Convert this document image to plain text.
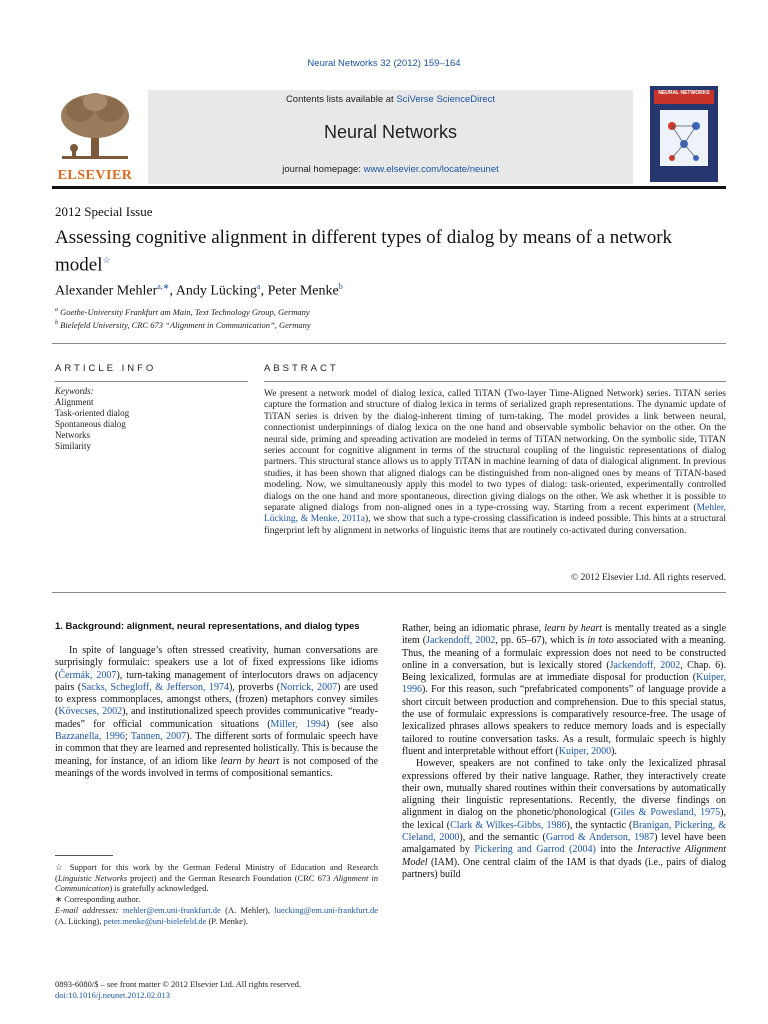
Neural Networks 32 (2012) 159–164
ELSEVIER
Contents lists available at SciVerse ScienceDirect
Neural Networks
journal homepage: www.elsevier.com/locate/neunet
NEURAL NETWORKS
2012 Special Issue
Assessing cognitive alignment in different types of dialog by means of a network model☆
Alexander Mehler$^{a,∗}$, Andy Lücking$^a$, Peter Menke$^b$
$^a$ Goethe-University Frankfurt am Main, Text Technology Group, Germany
$^b$ Bielefeld University, CRC 673 “Alignment in Communication”, Germany
ARTICLE INFO
Keywords:
Alignment
Task-oriented dialog
Spontaneous dialog
Networks
Similarity
ABSTRACT
We present a network model of dialog lexica, called TiTAN (Two-layer Time-Aligned Network) series. TiTAN series capture the formation and structure of dialog lexica in terms of serialized graph representations. The dynamic update of TiTAN series is driven by the dialog-inherent timing of turn-taking. The model provides a link between neural, connectionist underpinnings of dialog lexica on the one hand and observable symbolic behavior on the other. On the neural side, priming and spreading activation are modeled in terms of TiTAN networking. On the symbolic side, TiTAN series account for cognitive alignment in terms of the structural coupling of the linguistic representations of dialog partners. This structural stance allows us to apply TiTAN in machine learning of data of dialogical alignment. In previous studies, it has been shown that aligned dialogs can be distinguished from non-aligned ones by means of TiTAN-based modeling. Now, we simultaneously apply this model to two types of dialog: task-oriented, experimentally controlled dialogs on the one hand and more spontaneous, direction giving dialogs on the other. We ask whether it is possible to separate aligned dialogs from non-aligned ones in a type-crossing way. Starting from a recent experiment (Mehler, Lücking, & Menke, 2011a), we show that such a type-crossing classification is indeed possible. This hints at a structural fingerprint left by alignment in networks of linguistic items that are routinely co-activated during conversation.
© 2012 Elsevier Ltd. All rights reserved.

1. Background: alignment, neural representations, and dialog types

In spite of language’s often stressed creativity, human conversations are surprisingly formulaic: speakers use a lot of fixed expressions like idioms (Čermák, 2007), turn-taking management of interlocutors draws on adjacency pairs (Sacks, Schegloff, & Jefferson, 1974), proverbs (Norrick, 2007) are used to express commonplaces, amongst others, (frozen) metaphors convey similes (Kövecses, 2002), and institutionalized speech provides communicative “ready-mades” for official communication situations (Miller, 1994) (see also Bazzanella, 1996; Tannen, 2007). The different sorts of formulaic speech have in common that they are learned and represented holistically. This is because the meaning, for instance, of an idiom like learn by heart is not composed of the meanings of the words involved in terms of compositional semantics.

Rather, being an idiomatic phrase, learn by heart is mentally treated as a single item (Jackendoff, 2002, pp. 65–67), which is in toto associated with a meaning. Thus, the meaning of a formulaic expression does not need to be constructed online in a conversation, but is lexically stored (Jackendoff, 2002, Chap. 6). Being lexicalized, formulas are at immediate disposal for production (Kuiper, 1996). For this reason, such “prefabricated components” of language provide a short circuit between production and comprehension. Due to this special status, the use of formulaic expressions is comparatively resource-free. The usage of lexicalized phrases allows speakers to reduce memory loads and is especially tailored to routine conversation tasks. As a result, formulaic speech is highly fluent and interpretable without effort (Kuiper, 2000).

However, speakers are not confined to take only the lexicalized phrasal expressions offered by their native language. Rather, they interactively create their own, mutually shared routines within their conversations by automatically aligning their linguistic representations. Recently, the diverse findings on alignment in dialog on the phonetic/phonological (Giles & Powesland, 1975), the lexical (Clark & Wilkes-Gibbs, 1986), the syntactic (Branigan, Pickering, & Cleland, 2000), and the semantic (Garrod & Anderson, 1987) level have been amalgamated by Pickering and Garrod (2004) into the Interactive Alignment Model (IAM). One central claim of the IAM is that dyads (i.e., pairs of dialog partners) build

☆ Support for this work by the German Federal Ministry of Education and Research (Linguistic Networks project) and the German Research Foundation (CRC 673 Alignment in Communication) is gratefully acknowledged.

∗ Corresponding author.

E-mail addresses: mehler@em.uni-frankfurt.de (A. Mehler), luecking@em.uni-frankfurt.de (A. Lücking), peter.menke@uni-bielefeld.de (P. Menke).

0893-6080/$ – see front matter © 2012 Elsevier Ltd. All rights reserved.
doi:10.1016/j.neunet.2012.02.013
